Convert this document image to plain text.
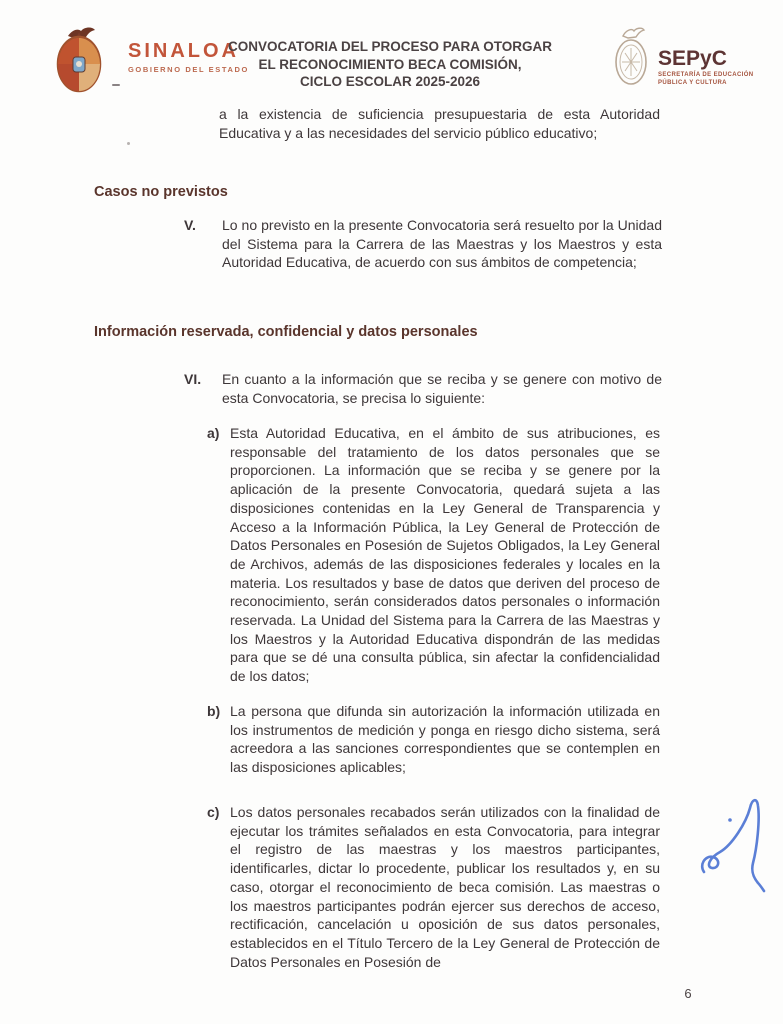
SINALOA
GOBIERNO DEL ESTADO
CONVOCATORIA DEL PROCESO PARA OTORGAR
EL RECONOCIMIENTO BECA COMISIÓN,
CICLO ESCOLAR 2025-2026
SEPyC
SECRETARÍA DE EDUCACIÓN
PÚBLICA Y CULTURA
a la existencia de suficiencia presupuestaria de esta Autoridad Educativa y a las necesidades del servicio público educativo;
Casos no previstos
V.	Lo no previsto en la presente Convocatoria será resuelto por la Unidad del Sistema para la Carrera de las Maestras y los Maestros y esta Autoridad Educativa, de acuerdo con sus ámbitos de competencia;
Información reservada, confidencial y datos personales
VI.	En cuanto a la información que se reciba y se genere con motivo de esta Convocatoria, se precisa lo siguiente:
a) Esta Autoridad Educativa, en el ámbito de sus atribuciones, es responsable del tratamiento de los datos personales que se proporcionen. La información que se reciba y se genere por la aplicación de la presente Convocatoria, quedará sujeta a las disposiciones contenidas en la Ley General de Transparencia y Acceso a la Información Pública, la Ley General de Protección de Datos Personales en Posesión de Sujetos Obligados, la Ley General de Archivos, además de las disposiciones federales y locales en la materia. Los resultados y base de datos que deriven del proceso de reconocimiento, serán considerados datos personales o información reservada. La Unidad del Sistema para la Carrera de las Maestras y los Maestros y la Autoridad Educativa dispondrán de las medidas para que se dé una consulta pública, sin afectar la confidencialidad de los datos;
b) La persona que difunda sin autorización la información utilizada en los instrumentos de medición y ponga en riesgo dicho sistema, será acreedora a las sanciones correspondientes que se contemplen en las disposiciones aplicables;
c) Los datos personales recabados serán utilizados con la finalidad de ejecutar los trámites señalados en esta Convocatoria, para integrar el registro de las maestras y los maestros participantes, identificarles, dictar lo procedente, publicar los resultados y, en su caso, otorgar el reconocimiento de beca comisión. Las maestras o los maestros participantes podrán ejercer sus derechos de acceso, rectificación, cancelación u oposición de sus datos personales, establecidos en el Título Tercero de la Ley General de Protección de Datos Personales en Posesión de
6
